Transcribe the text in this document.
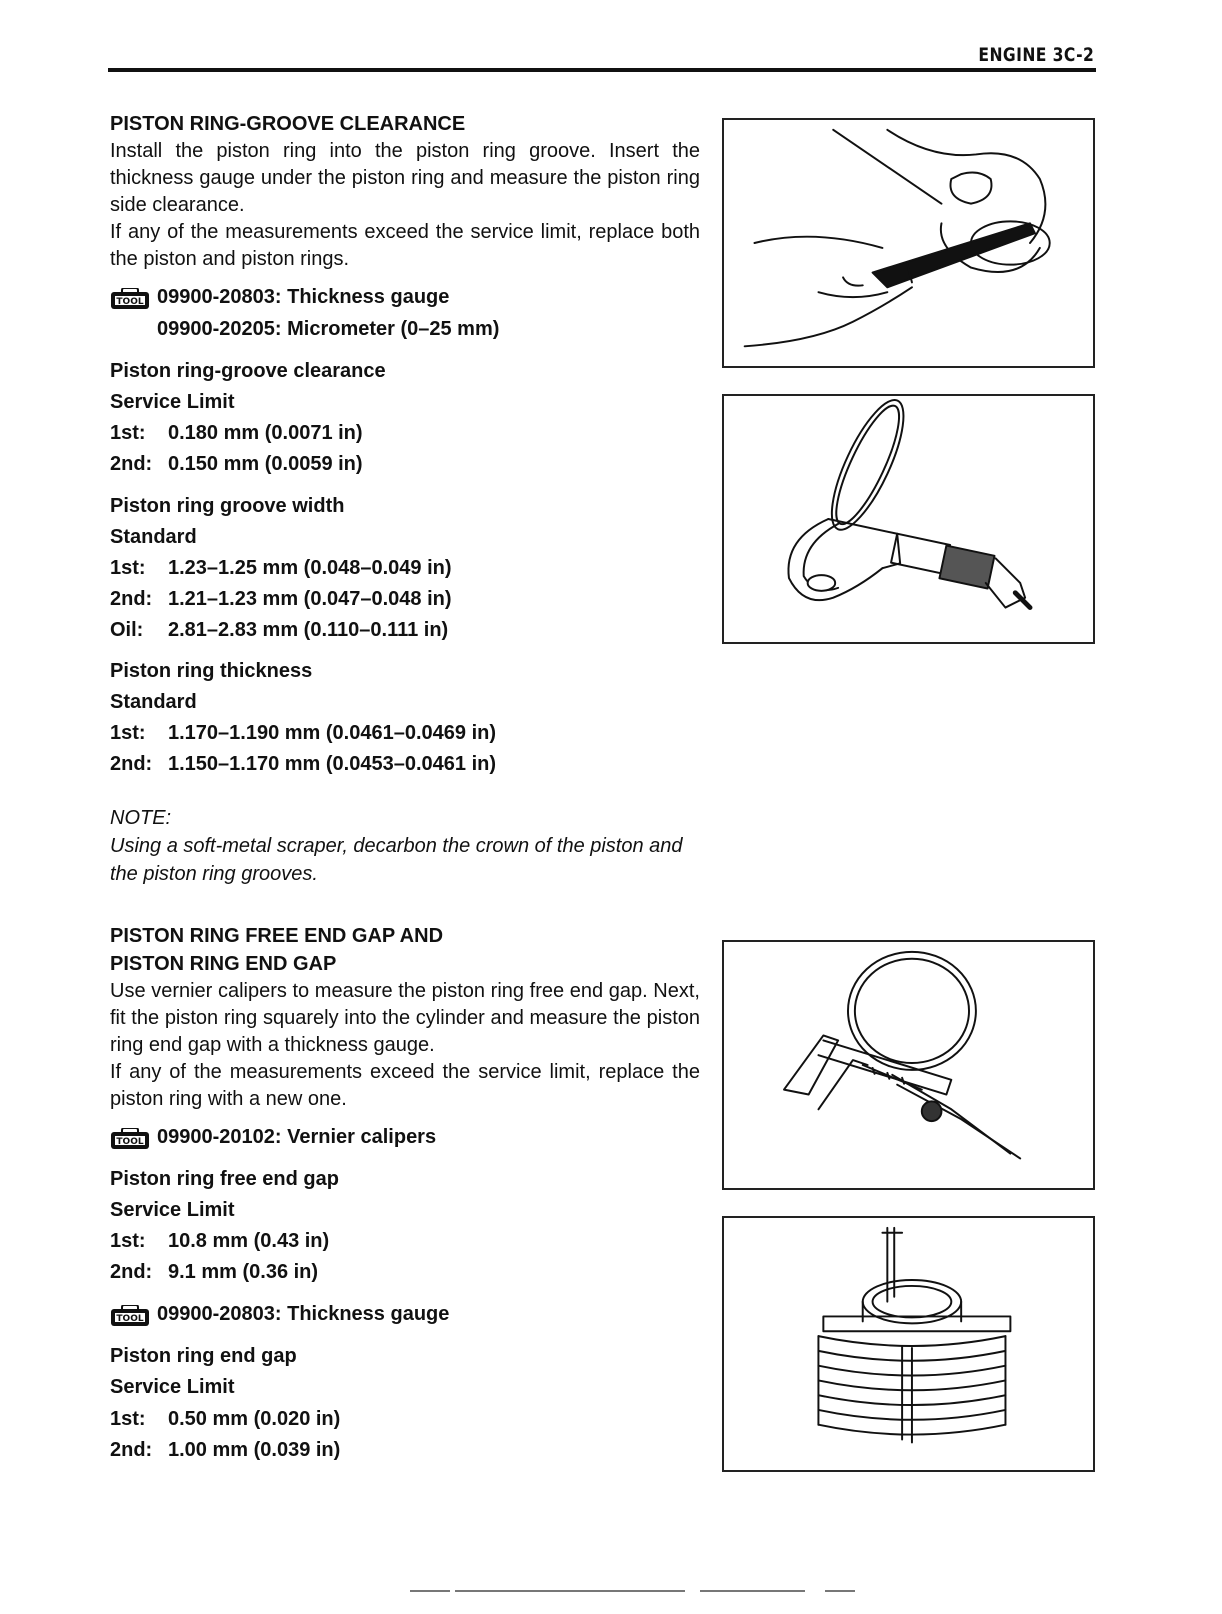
ENGINE 3C-2
PISTON RING-GROOVE CLEARANCE
Install the piston ring into the piston ring groove. Insert the thickness gauge under the piston ring and measure the piston ring side clearance.
If any of the measurements exceed the service limit, replace both the piston and piston rings.
TOOL 09900-20803: Thickness gauge
09900-20205: Micrometer (0–25 mm)
Piston ring-groove clearance
Service Limit
1st: 0.180 mm (0.0071 in)
2nd: 0.150 mm (0.0059 in)
Piston ring groove width
Standard
1st: 1.23–1.25 mm (0.048–0.049 in)
2nd: 1.21–1.23 mm (0.047–0.048 in)
Oil: 2.81–2.83 mm (0.110–0.111 in)
Piston ring thickness
Standard
1st: 1.170–1.190 mm (0.0461–0.0469 in)
2nd: 1.150–1.170 mm (0.0453–0.0461 in)
NOTE:
Using a soft-metal scraper, decarbon the crown of the piston and the piston ring grooves.
PISTON RING FREE END GAP AND
PISTON RING END GAP
Use vernier calipers to measure the piston ring free end gap. Next, fit the piston ring squarely into the cylinder and measure the piston ring end gap with a thickness gauge.
If any of the measurements exceed the service limit, replace the piston ring with a new one.
TOOL 09900-20102: Vernier calipers
Piston ring free end gap
Service Limit
1st: 10.8 mm (0.43 in)
2nd: 9.1 mm (0.36 in)
TOOL 09900-20803: Thickness gauge
Piston ring end gap
Service Limit
1st: 0.50 mm (0.020 in)
2nd: 1.00 mm (0.039 in)
